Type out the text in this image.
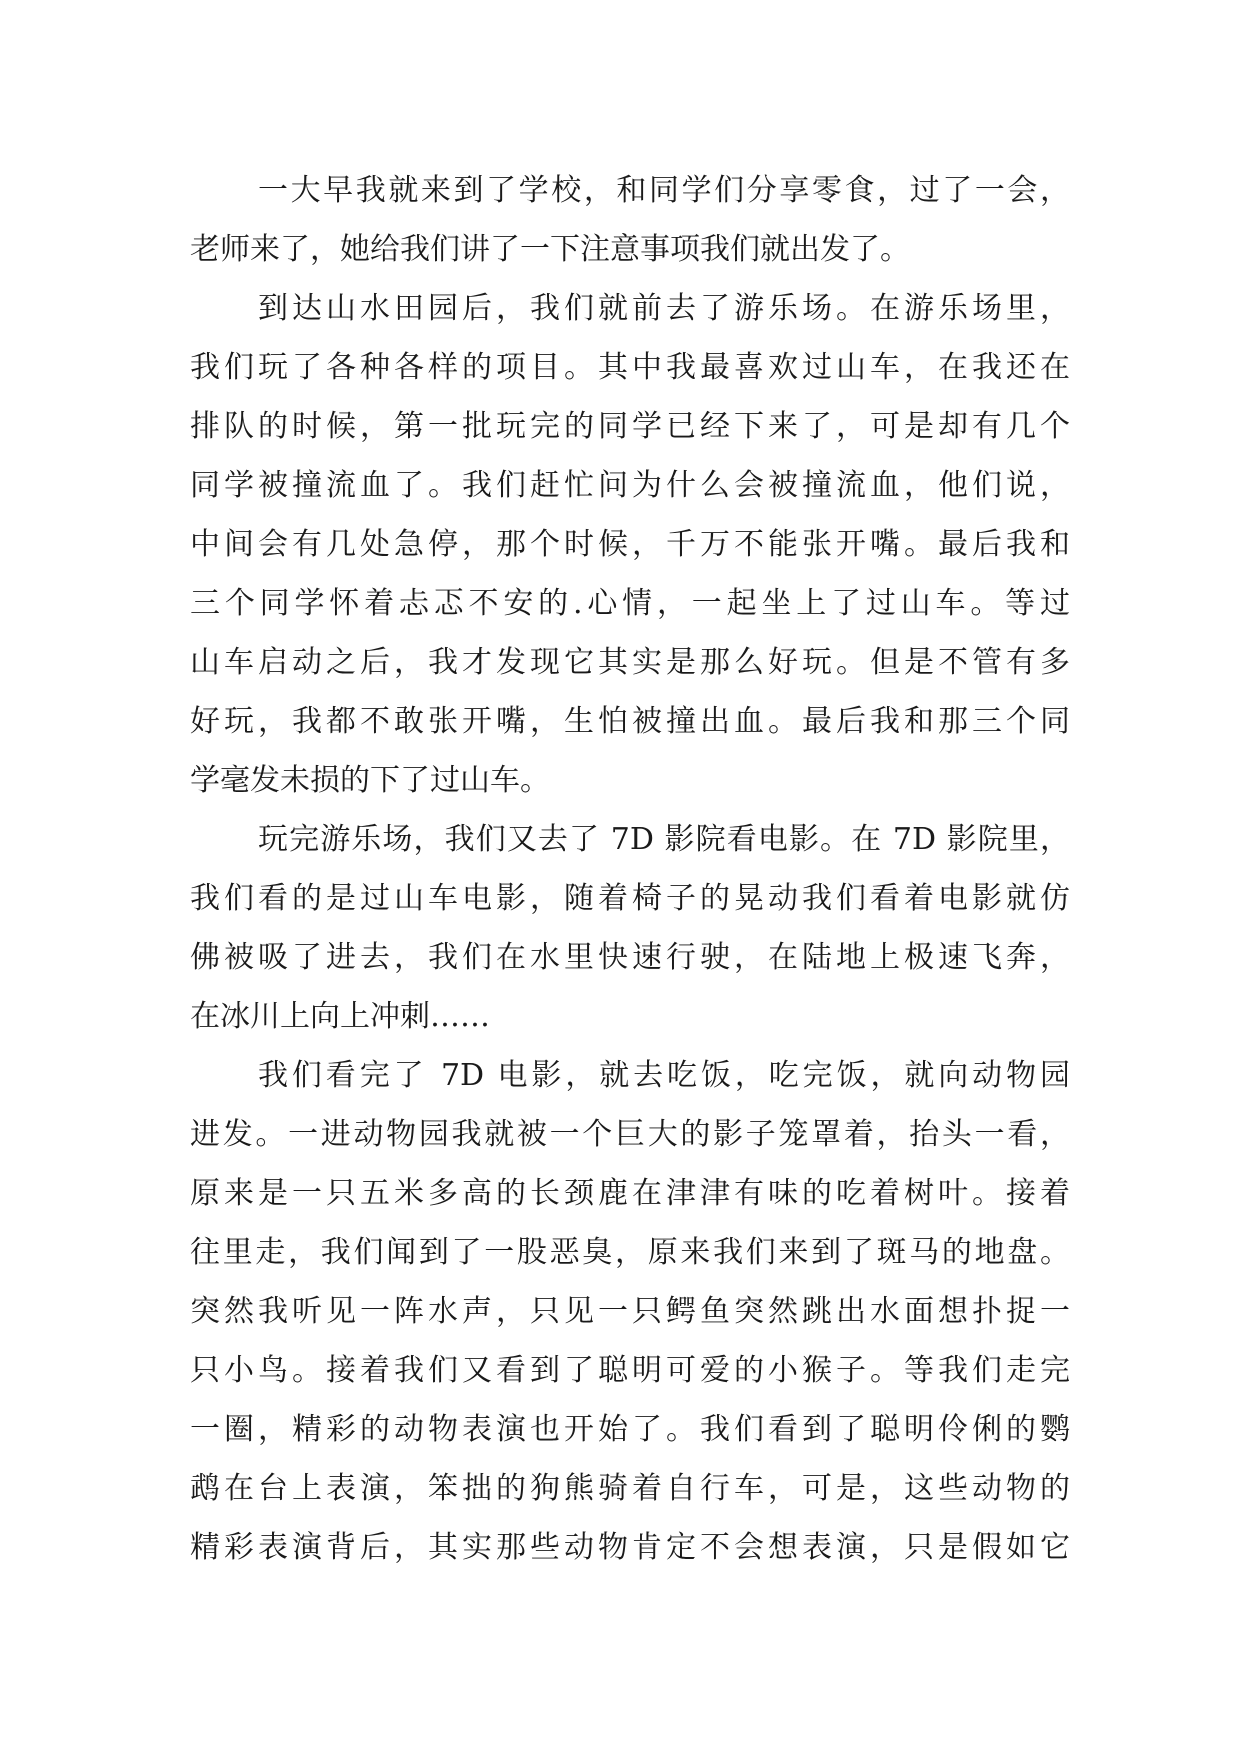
一大早我就来到了学校，和同学们分享零食，过了一会，
老师来了，她给我们讲了一下注意事项我们就出发了。
到达山水田园后，我们就前去了游乐场。在游乐场里，
我们玩了各种各样的项目。其中我最喜欢过山车，在我还在
排队的时候，第一批玩完的同学已经下来了，可是却有几个
同学被撞流血了。我们赶忙问为什么会被撞流血，他们说，
中间会有几处急停，那个时候，千万不能张开嘴。最后我和
三个同学怀着忐忑不安的.心情，一起坐上了过山车。等过
山车启动之后，我才发现它其实是那么好玩。但是不管有多
好玩，我都不敢张开嘴，生怕被撞出血。最后我和那三个同
学毫发未损的下了过山车。
玩完游乐场，我们又去了 7D 影院看电影。在 7D 影院里，
我们看的是过山车电影，随着椅子的晃动我们看着电影就仿
佛被吸了进去，我们在水里快速行驶，在陆地上极速飞奔，
在冰川上向上冲刺……
我们看完了 7D 电影，就去吃饭，吃完饭，就向动物园
进发。一进动物园我就被一个巨大的影子笼罩着，抬头一看，
原来是一只五米多高的长颈鹿在津津有味的吃着树叶。接着
往里走，我们闻到了一股恶臭，原来我们来到了斑马的地盘。
突然我听见一阵水声，只见一只鳄鱼突然跳出水面想扑捉一
只小鸟。接着我们又看到了聪明可爱的小猴子。等我们走完
一圈，精彩的动物表演也开始了。我们看到了聪明伶俐的鹦
鹉在台上表演，笨拙的狗熊骑着自行车，可是，这些动物的
精彩表演背后，其实那些动物肯定不会想表演，只是假如它
